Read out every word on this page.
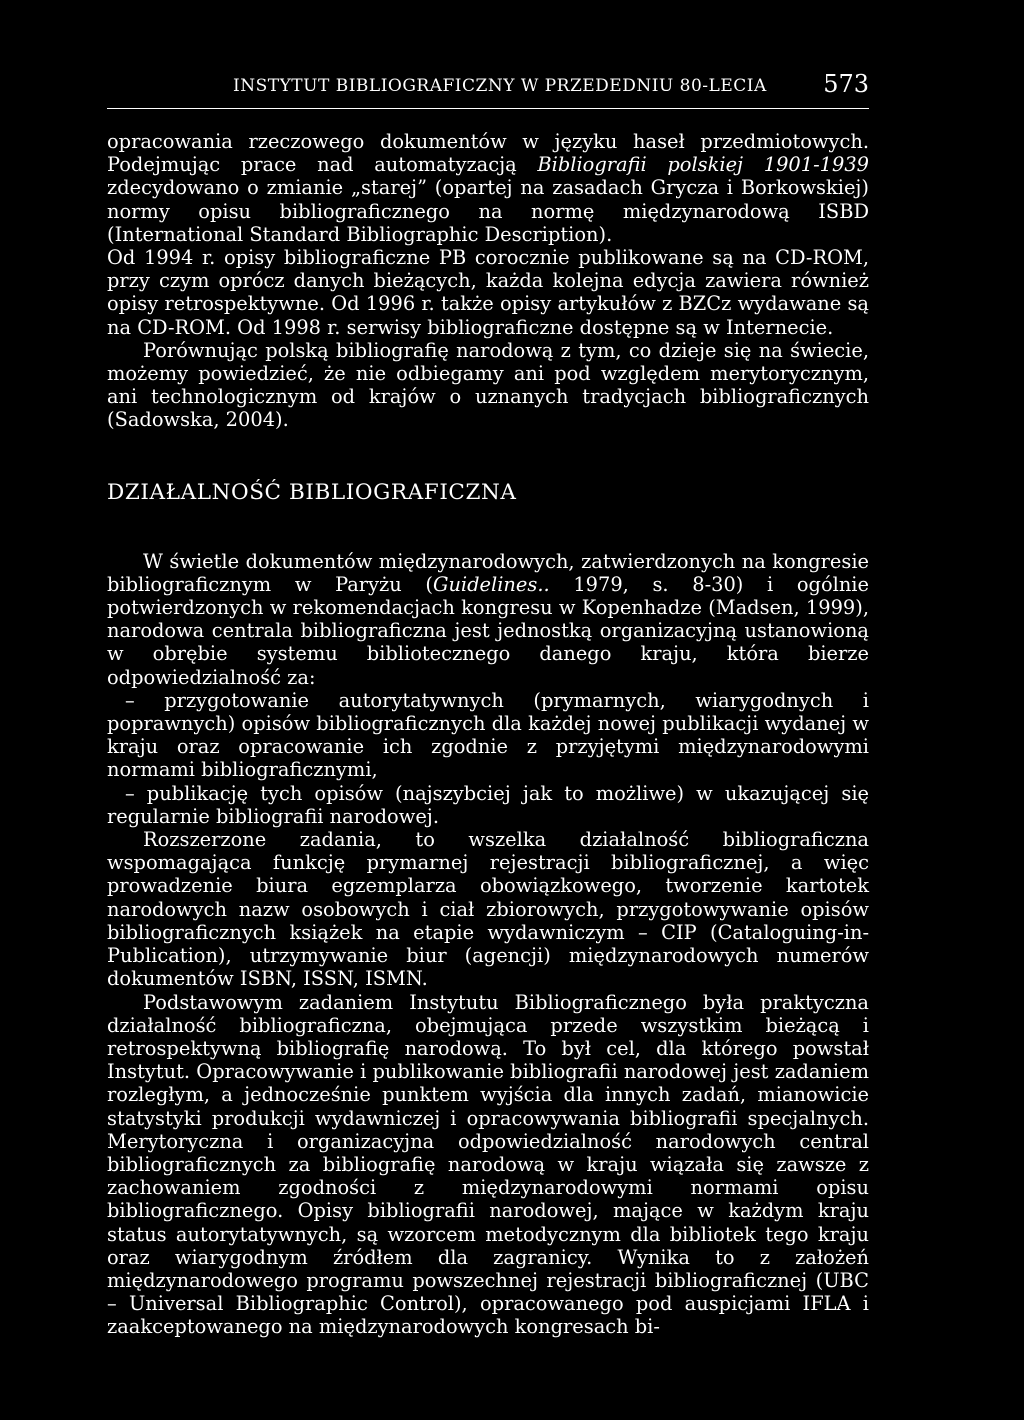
INSTYTUT BIBLIOGRAFICZNY W PRZEDEDNIU 80-LECIA 573

opracowania rzeczowego dokumentów w języku haseł przedmiotowych. Podejmując prace nad automatyzacją Bibliografii polskiej 1901-1939 zdecydowano o zmianie „starej” (opartej na zasadach Grycza i Borkowskiej) normy opisu bibliograficznego na normę międzynarodową ISBD (International Standard Bibliographic Description).

Od 1994 r. opisy bibliograficzne PB corocznie publikowane są na CD-ROM, przy czym oprócz danych bieżących, każda kolejna edycja zawiera również opisy retrospektywne. Od 1996 r. także opisy artykułów z BZCz wydawane są na CD-ROM. Od 1998 r. serwisy bibliograficzne dostępne są w Internecie.

Porównując polską bibliografię narodową z tym, co dzieje się na świecie, możemy powiedzieć, że nie odbiegamy ani pod względem merytorycznym, ani technologicznym od krajów o uznanych tradycjach bibliograficznych (Sadowska, 2004).

DZIAŁALNOŚĆ BIBLIOGRAFICZNA

W świetle dokumentów międzynarodowych, zatwierdzonych na kongresie bibliograficznym w Paryżu (Guidelines.. 1979, s. 8-30) i ogólnie potwierdzonych w rekomendacjach kongresu w Kopenhadze (Madsen, 1999), narodowa centrala bibliograficzna jest jednostką organizacyjną ustanowioną w obrębie systemu bibliotecznego danego kraju, która bierze odpowiedzialność za:

– przygotowanie autorytatywnych (prymarnych, wiarygodnych i poprawnych) opisów bibliograficznych dla każdej nowej publikacji wydanej w kraju oraz opracowanie ich zgodnie z przyjętymi międzynarodowymi normami bibliograficznymi,

– publikację tych opisów (najszybciej jak to możliwe) w ukazującej się regularnie bibliografii narodowej.

Rozszerzone zadania, to wszelka działalność bibliograficzna wspomagająca funkcję prymarnej rejestracji bibliograficznej, a więc prowadzenie biura egzemplarza obowiązkowego, tworzenie kartotek narodowych nazw osobowych i ciał zbiorowych, przygotowywanie opisów bibliograficznych książek na etapie wydawniczym – CIP (Cataloguing-in-Publication), utrzymywanie biur (agencji) międzynarodowych numerów dokumentów ISBN, ISSN, ISMN.

Podstawowym zadaniem Instytutu Bibliograficznego była praktyczna działalność bibliograficzna, obejmująca przede wszystkim bieżącą i retrospektywną bibliografię narodową. To był cel, dla którego powstał Instytut. Opracowywanie i publikowanie bibliografii narodowej jest zadaniem rozległym, a jednocześnie punktem wyjścia dla innych zadań, mianowicie statystyki produkcji wydawniczej i opracowywania bibliografii specjalnych. Merytoryczna i organizacyjna odpowiedzialność narodowych central bibliograficznych za bibliografię narodową w kraju wiązała się zawsze z zachowaniem zgodności z międzynarodowymi normami opisu bibliograficznego. Opisy bibliografii narodowej, mające w każdym kraju status autorytatywnych, są wzorcem metodycznym dla bibliotek tego kraju oraz wiarygodnym źródłem dla zagranicy. Wynika to z założeń międzynarodowego programu powszechnej rejestracji bibliograficznej (UBC – Universal Bibliographic Control), opracowanego pod auspicjami IFLA i zaakceptowanego na międzynarodowych kongresach bi-
